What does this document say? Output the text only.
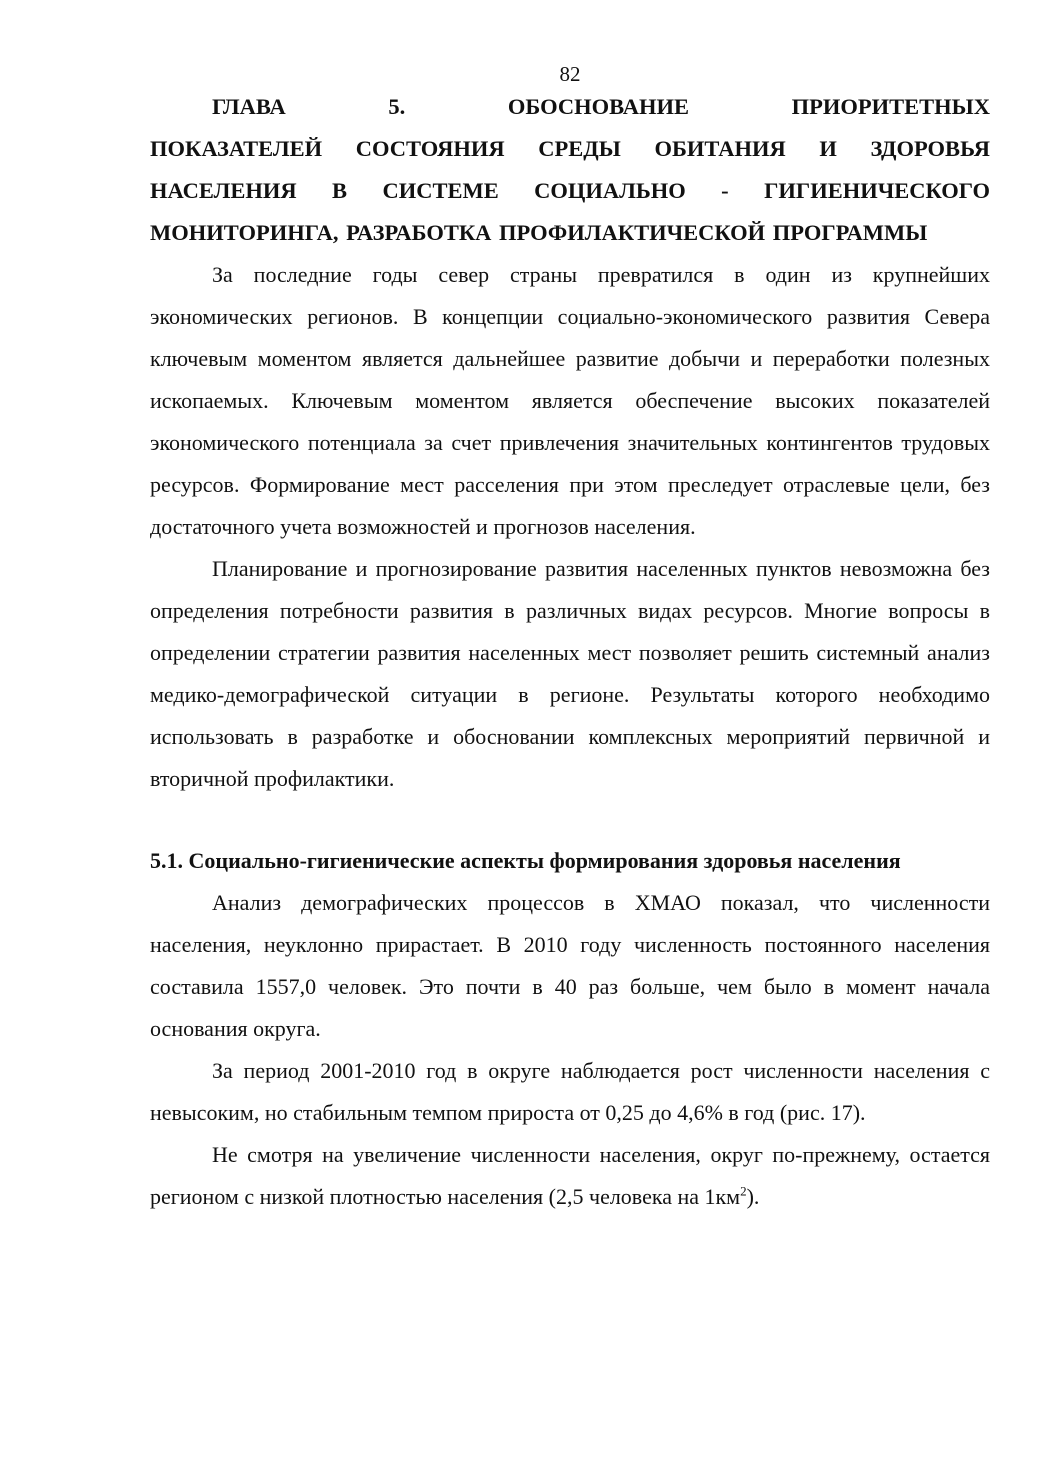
82
ГЛАВА 5. ОБОСНОВАНИЕ ПРИОРИТЕТНЫХ
ПОКАЗАТЕЛЕЙ СОСТОЯНИЯ СРЕДЫ ОБИТАНИЯ И ЗДОРОВЬЯ НАСЕЛЕНИЯ В СИСТЕМЕ СОЦИАЛЬНО - ГИГИЕНИЧЕСКОГО МОНИТОРИНГА, РАЗРАБОТКА ПРОФИЛАКТИЧЕСКОЙ ПРОГРАММЫ

За последние годы север страны превратился в один из крупнейших экономических регионов. В концепции социально-экономического развития Севера ключевым моментом является дальнейшее развитие добычи и переработки полезных ископаемых. Ключевым моментом является обеспечение высоких показателей экономического потенциала за счет привлечения значительных контингентов трудовых ресурсов. Формирование мест расселения при этом преследует отраслевые цели, без достаточного учета возможностей и прогнозов населения.

Планирование и прогнозирование развития населенных пунктов невозможна без определения потребности развития в различных видах ресурсов. Многие вопросы в определении стратегии развития населенных мест позволяет решить системный анализ медико-демографической ситуации в регионе. Результаты которого необходимо использовать в разработке и обосновании комплексных мероприятий первичной и вторичной профилактики.

5.1. Социально-гигиенические аспекты формирования здоровья населения

Анализ демографических процессов в ХМАО показал, что численности населения, неуклонно прирастает. В 2010 году численность постоянного населения составила 1557,0 человек. Это почти в 40 раз больше, чем было в момент начала основания округа.

За период 2001-2010 год в округе наблюдается рост численности населения с невысоким, но стабильным темпом прироста от 0,25 до 4,6% в год (рис. 17).

Не смотря на увеличение численности населения, округ по-прежнему, остается регионом с низкой плотностью населения (2,5 человека на $1км^2$).
